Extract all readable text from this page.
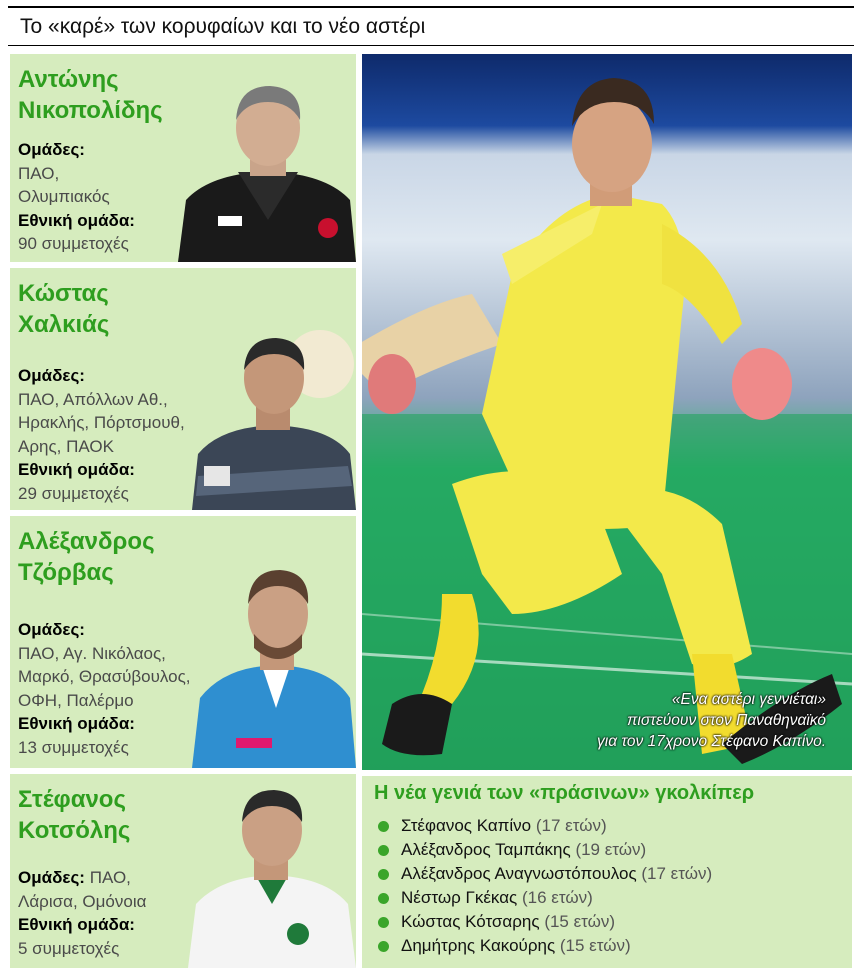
Το «καρέ» των κορυφαίων και το νέο αστέρι
Αντώνης
Νικοπολίδης
Ομάδες:
ΠΑΟ,
Ολυμπιακός
Εθνική ομάδα:
90 συμμετοχές
Κώστας
Χαλκιάς
Ομάδες:
ΠΑΟ, Απόλλων Αθ.,
Ηρακλής, Πόρτσμουθ,
Αρης, ΠΑΟΚ
Εθνική ομάδα:
29 συμμετοχές
Αλέξανδρος
Τζόρβας
Ομάδες:
ΠΑΟ, Αγ. Νικόλαος,
Μαρκό, Θρασύβουλος,
ΟΦΗ, Παλέρμο
Εθνική ομάδα:
13 συμμετοχές
Στέφανος
Κοτσόλης
Ομάδες: ΠΑΟ,
Λάρισα, Ομόνοια
Εθνική ομάδα:
5 συμμετοχές
«Ενα αστέρι γεννιέται»
πιστεύουν στον Παναθηναϊκό
για τον 17χρονο Στέφανο Καπίνο.
Η νέα γενιά των «πράσινων» γκολκίπερ
Στέφανος Καπίνο
(17 ετών)
Αλέξανδρος Ταμπάκης
(19 ετών)
Αλέξανδρος Αναγνωστόπουλος
(17 ετών)
Νέστωρ Γκέκας
(16 ετών)
Κώστας Κότσαρης
(15 ετών)
Δημήτρης Κακούρης
(15 ετών)
